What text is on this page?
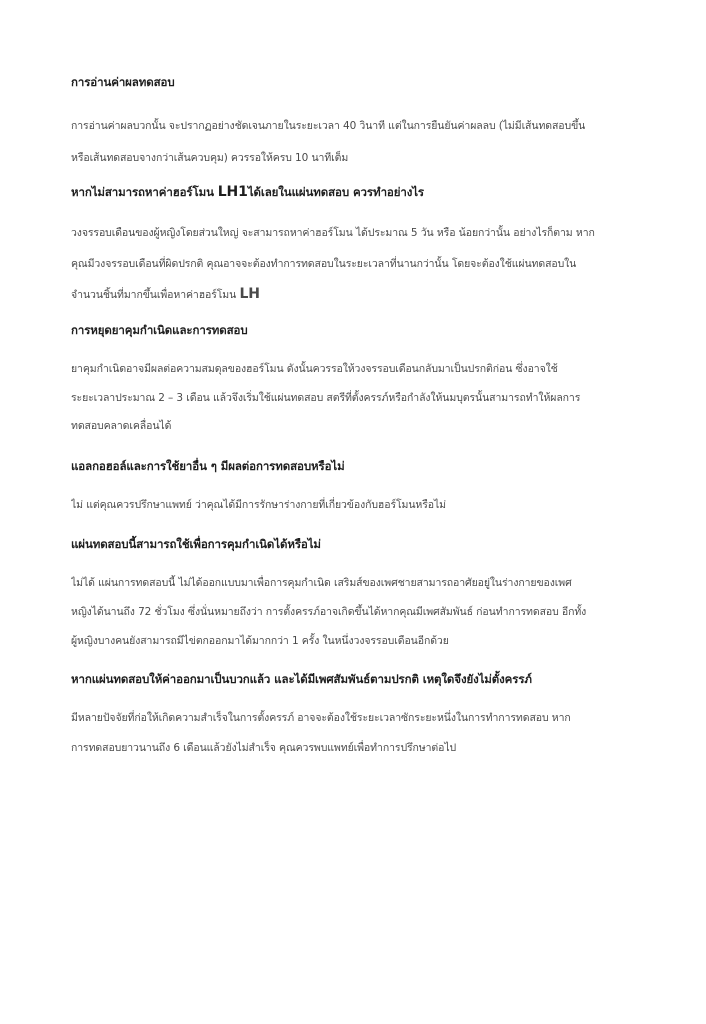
การอ่านค่าผลทดสอบ
การอ่านค่าผลบวกนั้น จะปรากฏอย่างชัดเจนภายในระยะเวลา 40 วินาที แต่ในการยืนยันค่าผลลบ (ไม่มีเส้นทดสอบขึ้น
หรือเส้นทดสอบจางกว่าเส้นควบคุม) ควรรอให้ครบ 10 นาทีเต็ม
หากไม่สามารถหาค่าฮอร์โมน LH1ได้เลยในแผ่นทดสอบ ควรทำอย่างไร
วงจรรอบเดือนของผู้หญิงโดยส่วนใหญ่ จะสามารถหาค่าฮอร์โมน ได้ประมาณ 5 วัน หรือ น้อยกว่านั้น อย่างไรก็ตาม หาก
คุณมีวงจรรอบเดือนที่ผิดปรกติ คุณอาจจะต้องทำการทดสอบในระยะเวลาที่นานกว่านั้น โดยจะต้องใช้แผ่นทดสอบใน
จำนวนชิ้นที่มากขึ้นเพื่อหาค่าฮอร์โมน LH
การหยุดยาคุมกำเนิดและการทดสอบ
ยาคุมกำเนิดอาจมีผลต่อความสมดุลของฮอร์โมน ดังนั้นควรรอให้วงจรรอบเดือนกลับมาเป็นปรกติก่อน ซึ่งอาจใช้
ระยะเวลาประมาณ 2 – 3 เดือน แล้วจึงเริ่มใช้แผ่นทดสอบ สตรีที่ตั้งครรภ์หรือกำลังให้นมบุตรนั้นสามารถทำให้ผลการ
ทดสอบคลาดเคลื่อนได้
แอลกอฮอล์และการใช้ยาอื่น ๆ มีผลต่อการทดสอบหรือไม่
ไม่ แต่คุณควรปรึกษาแพทย์ ว่าคุณได้มีการรักษาร่างกายที่เกี่ยวข้องกับฮอร์โมนหรือไม่
แผ่นทดสอบนี้สามารถใช้เพื่อการคุมกำเนิดได้หรือไม่
ไม่ได้ แผ่นการทดสอบนี้ ไม่ได้ออกแบบมาเพื่อการคุมกำเนิด เสริมส์ของเพศชายสามารถอาศัยอยู่ในร่างกายของเพศ
หญิงได้นานถึง 72 ชั่วโมง ซึ่งนั่นหมายถึงว่า การตั้งครรภ์อาจเกิดขึ้นได้หากคุณมีเพศสัมพันธ์ ก่อนทำการทดสอบ อีกทั้ง
ผู้หญิงบางคนยังสามารถมีไข่ตกออกมาได้มากกว่า 1 ครั้ง ในหนึ่งวงจรรอบเดือนอีกด้วย
หากแผ่นทดสอบให้ค่าออกมาเป็นบวกแล้ว และได้มีเพศสัมพันธ์ตามปรกติ เหตุใดจึงยังไม่ตั้งครรภ์
มีหลายปัจจัยที่ก่อให้เกิดความสำเร็จในการตั้งครรภ์ อาจจะต้องใช้ระยะเวลาซักระยะหนึ่งในการทำการทดสอบ หาก
การทดสอบยาวนานถึง 6 เดือนแล้วยังไม่สำเร็จ คุณควรพบแพทย์เพื่อทำการปรึกษาต่อไป
